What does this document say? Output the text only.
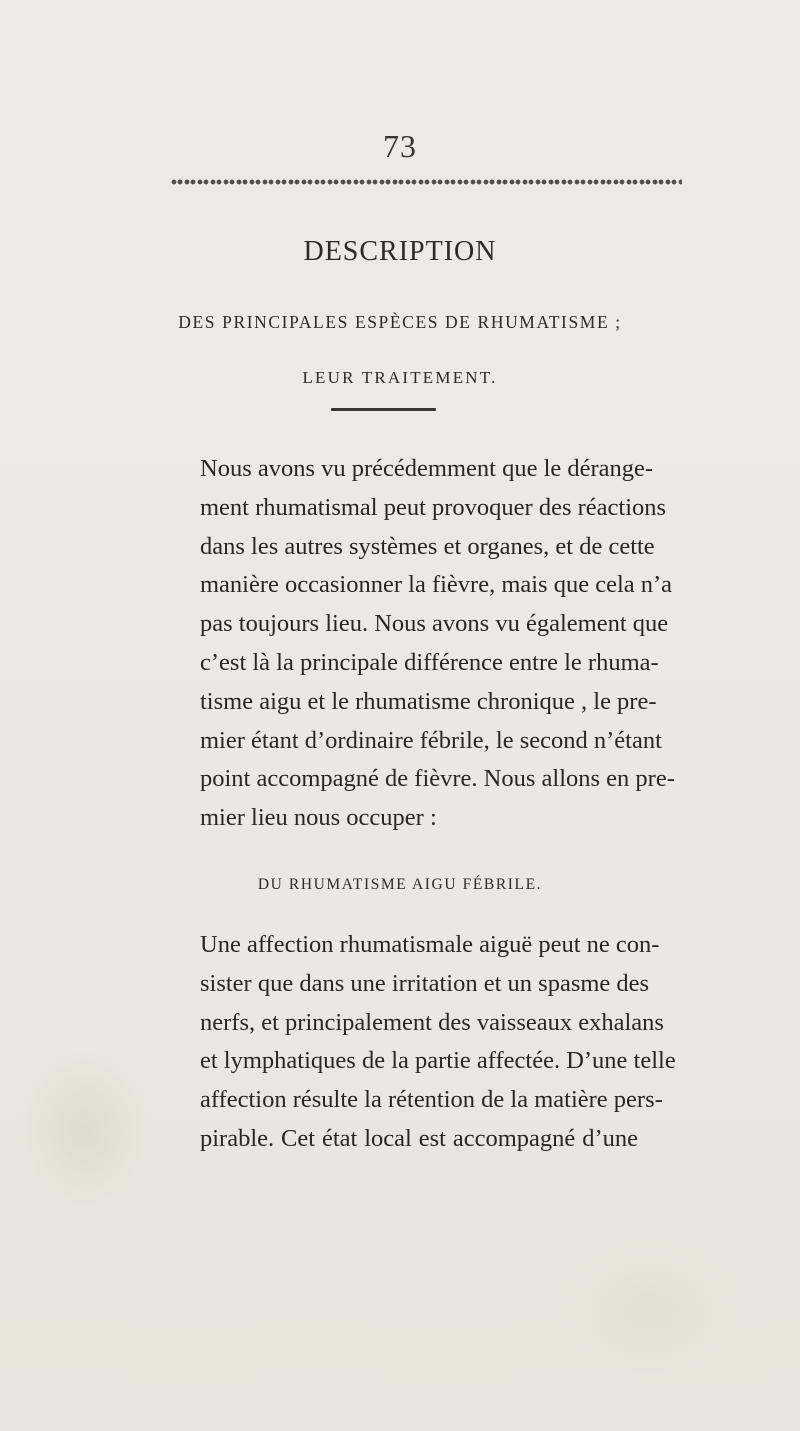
73
DESCRIPTION
DES PRINCIPALES ESPÈCES DE RHUMATISME ;
LEUR TRAITEMENT.
Nous avons vu précédemment que le dérange-
ment rhumatismal peut provoquer des réactions
dans les autres systèmes et organes, et de cette
manière occasionner la fièvre, mais que cela n’a
pas toujours lieu. Nous avons vu également que
c’est là la principale différence entre le rhuma-
tisme aigu et le rhumatisme chronique , le pre-
mier étant d’ordinaire fébrile, le second n’étant
point accompagné de fièvre. Nous allons en pre-
mier lieu nous occuper :
DU RHUMATISME AIGU FÉBRILE.
Une affection rhumatismale aiguë peut ne con-
sister que dans une irritation et un spasme des
nerfs, et principalement des vaisseaux exhalans
et lymphatiques de la partie affectée. D’une telle
affection résulte la rétention de la matière pers-
pirable. Cet état local est accompagné d’une
